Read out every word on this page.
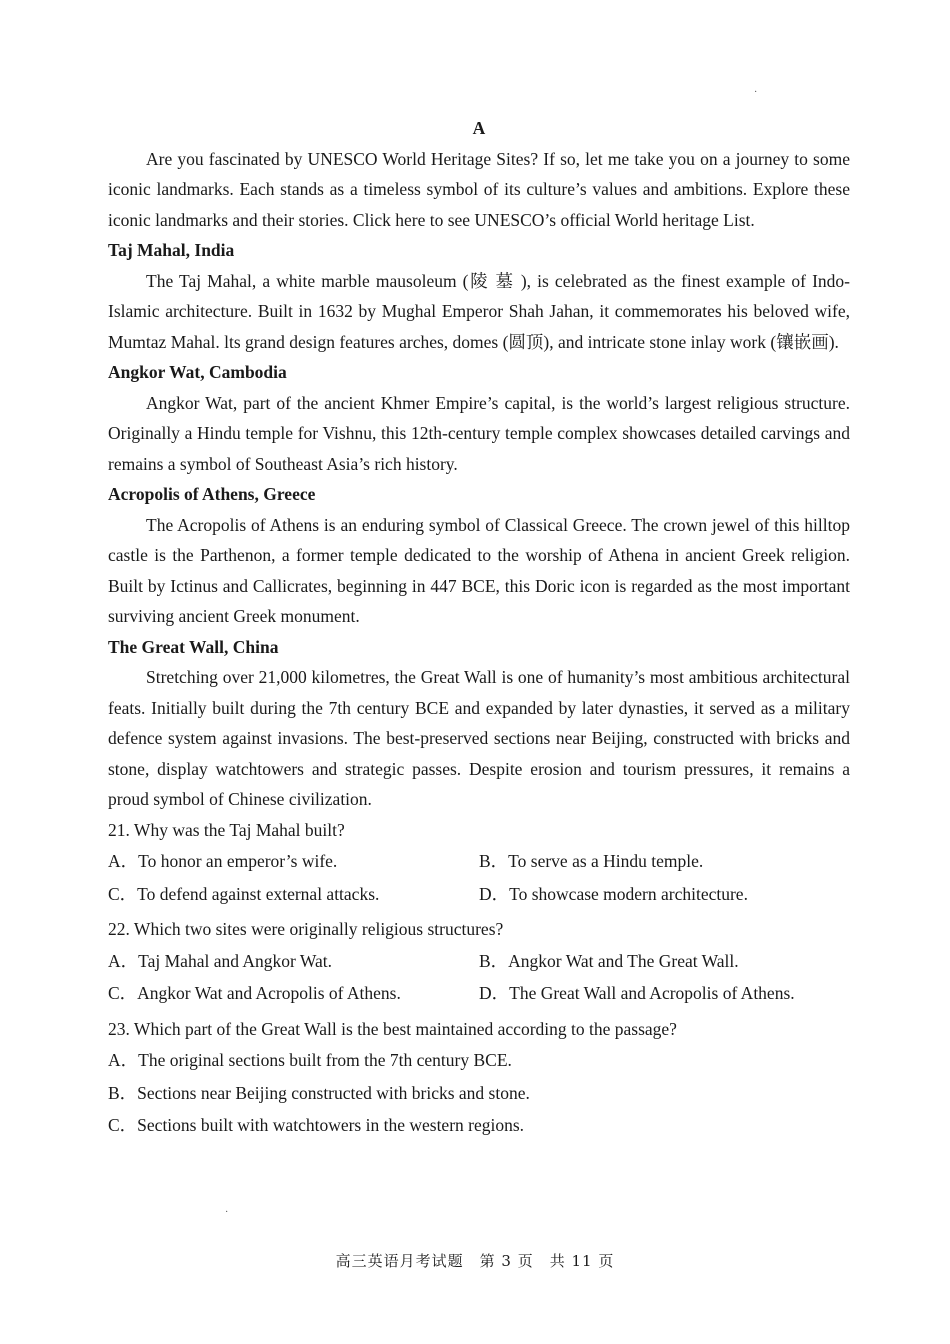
·
·
A

Are you fascinated by UNESCO World Heritage Sites? If so, let me take you on a journey to some iconic landmarks. Each stands as a timeless symbol of its culture’s values and ambitions. Explore these iconic landmarks and their stories. Click here to see UNESCO’s official World heritage List.

Taj Mahal, India

The Taj Mahal, a white marble mausoleum (陵 墓 ), is celebrated as the finest example of Indo-Islamic architecture. Built in 1632 by Mughal Emperor Shah Jahan, it commemorates his beloved wife, Mumtaz Mahal. lts grand design features arches, domes (圆顶), and intricate stone inlay work (镶嵌画).

Angkor Wat, Cambodia

Angkor Wat, part of the ancient Khmer Empire’s capital, is the world’s largest religious structure. Originally a Hindu temple for Vishnu, this 12th-century temple complex showcases detailed carvings and remains a symbol of Southeast Asia’s rich history.

Acropolis of Athens, Greece

The Acropolis of Athens is an enduring symbol of Classical Greece. The crown jewel of this hilltop castle is the Parthenon, a former temple dedicated to the worship of Athena in ancient Greek religion. Built by Ictinus and Callicrates, beginning in 447 BCE, this Doric icon is regarded as the most important surviving ancient Greek monument.

The Great Wall, China

Stretching over 21,000 kilometres, the Great Wall is one of humanity’s most ambitious architectural feats. Initially built during the 7th century BCE and expanded by later dynasties, it served as a military defence system against invasions. The best-preserved sections near Beijing, constructed with bricks and stone, display watchtowers and strategic passes. Despite erosion and tourism pressures, it remains a proud symbol of Chinese civilization.

21. Why was the Taj Mahal built?

A．To honor an emperor’s wife.	B．To serve as a Hindu temple.
C．To defend against external attacks.	D．To showcase modern architecture.

22. Which two sites were originally religious structures?

A．Taj Mahal and Angkor Wat.	B．Angkor Wat and The Great Wall.
C．Angkor Wat and Acropolis of Athens.	D．The Great Wall and Acropolis of Athens.

23. Which part of the Great Wall is the best maintained according to the passage?

A．The original sections built from the 7th century BCE.
B．Sections near Beijing constructed with bricks and stone.
C．Sections built with watchtowers in the western regions.
高三英语月考试题　第 3 页　共 11 页
